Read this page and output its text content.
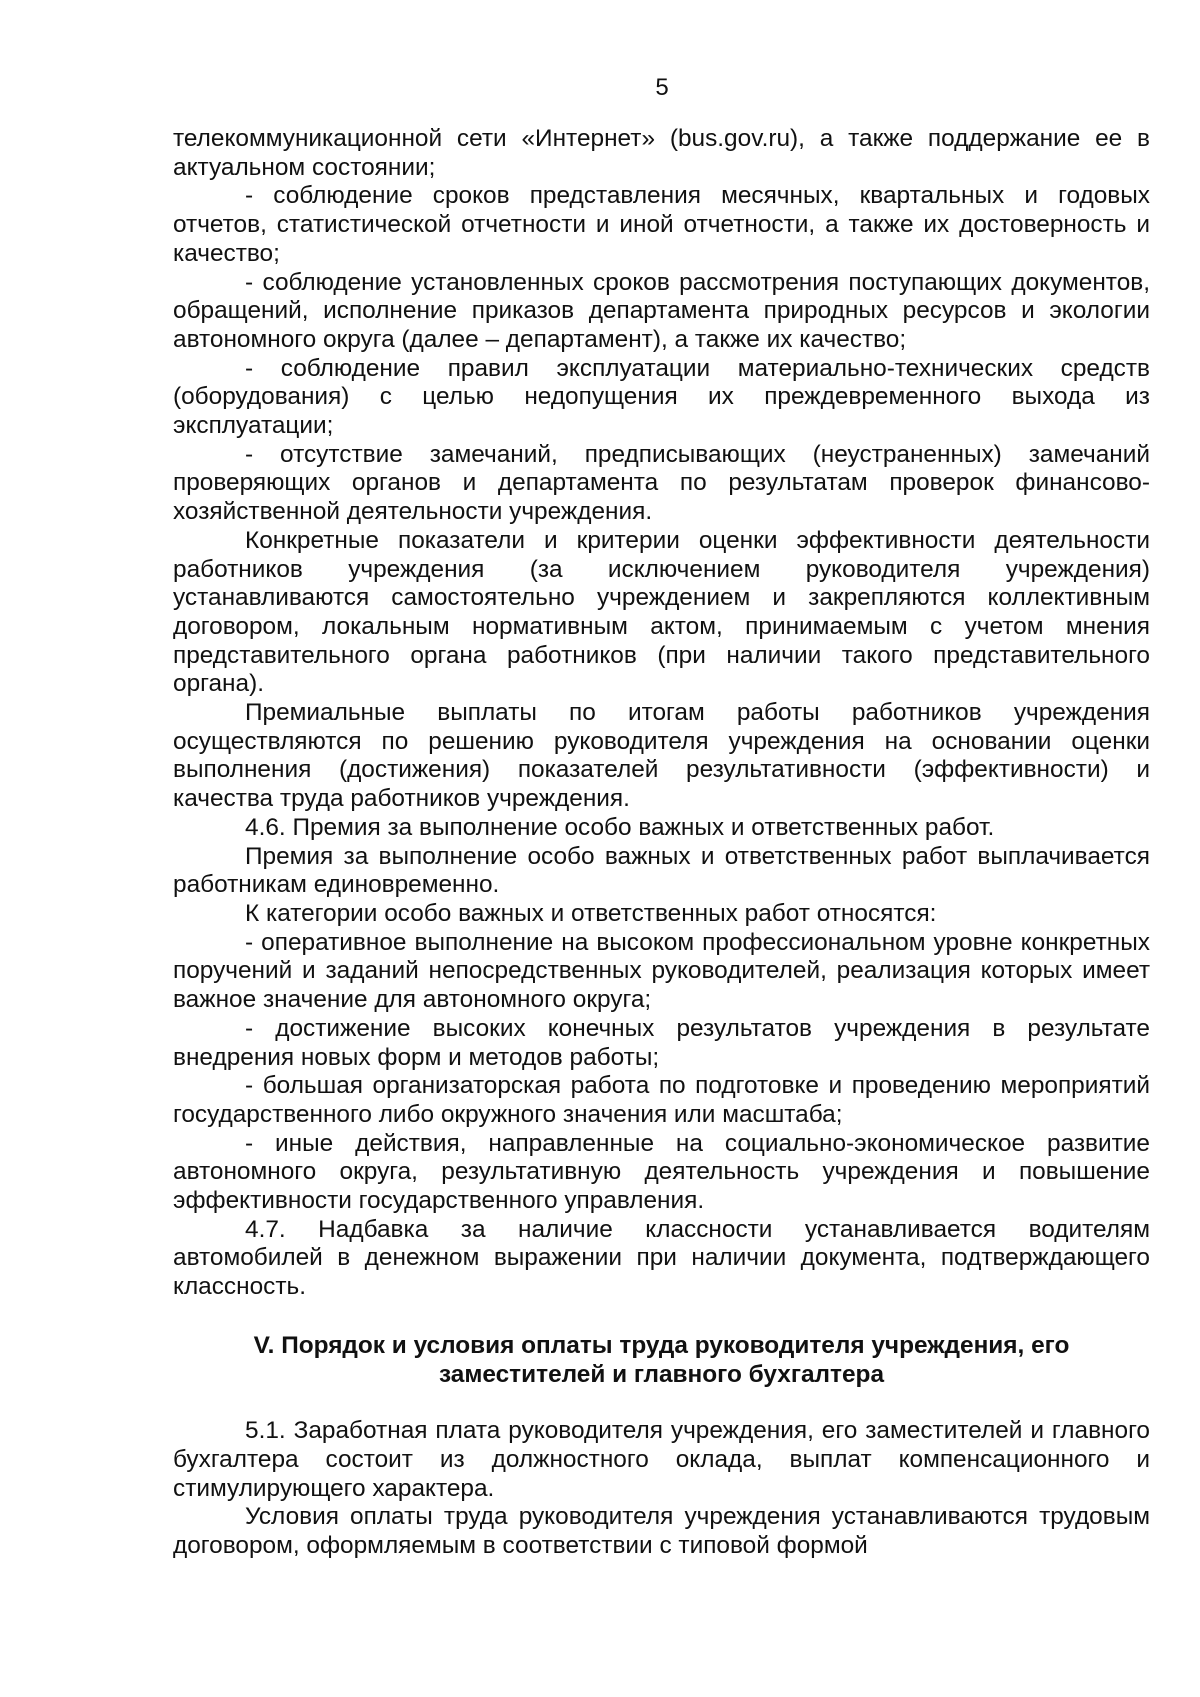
5

телекоммуникационной сети «Интернет» (bus.gov.ru), а также поддержание ее в актуальном состоянии;

- соблюдение сроков представления месячных, квартальных и годовых отчетов, статистической отчетности и иной отчетности, а также их достоверность и качество;

- соблюдение установленных сроков рассмотрения поступающих документов, обращений, исполнение приказов департамента природных ресурсов и экологии автономного округа (далее – департамент), а также их качество;

- соблюдение правил эксплуатации материально-технических средств (оборудования) с целью недопущения их преждевременного выхода из эксплуатации;

- отсутствие замечаний, предписывающих (неустраненных) замечаний проверяющих органов и департамента по результатам проверок финансово-хозяйственной деятельности учреждения.

Конкретные показатели и критерии оценки эффективности деятельности работников учреждения (за исключением руководителя учреждения) устанавливаются самостоятельно учреждением и закрепляются коллективным договором, локальным нормативным актом, принимаемым с учетом мнения представительного органа работников (при наличии такого представительного органа).

Премиальные выплаты по итогам работы работников учреждения осуществляются по решению руководителя учреждения на основании оценки выполнения (достижения) показателей результативности (эффективности) и качества труда работников учреждения.

4.6. Премия за выполнение особо важных и ответственных работ.

Премия за выполнение особо важных и ответственных работ выплачивается работникам единовременно.

К категории особо важных и ответственных работ относятся:

- оперативное выполнение на высоком профессиональном уровне конкретных поручений и заданий непосредственных руководителей, реализация которых имеет важное значение для автономного округа;

- достижение высоких конечных результатов учреждения в результате внедрения новых форм и методов работы;

- большая организаторская работа по подготовке и проведению мероприятий государственного либо окружного значения или масштаба;

- иные действия, направленные на социально-экономическое развитие автономного округа, результативную деятельность учреждения и повышение эффективности государственного управления.

4.7. Надбавка за наличие классности устанавливается водителям автомобилей в денежном выражении при наличии документа, подтверждающего классность.

V. Порядок и условия оплаты труда руководителя учреждения, его
заместителей и главного бухгалтера

5.1. Заработная плата руководителя учреждения, его заместителей и главного бухгалтера состоит из должностного оклада, выплат компенсационного и стимулирующего характера.

Условия оплаты труда руководителя учреждения устанавливаются трудовым договором, оформляемым в соответствии с типовой формой
